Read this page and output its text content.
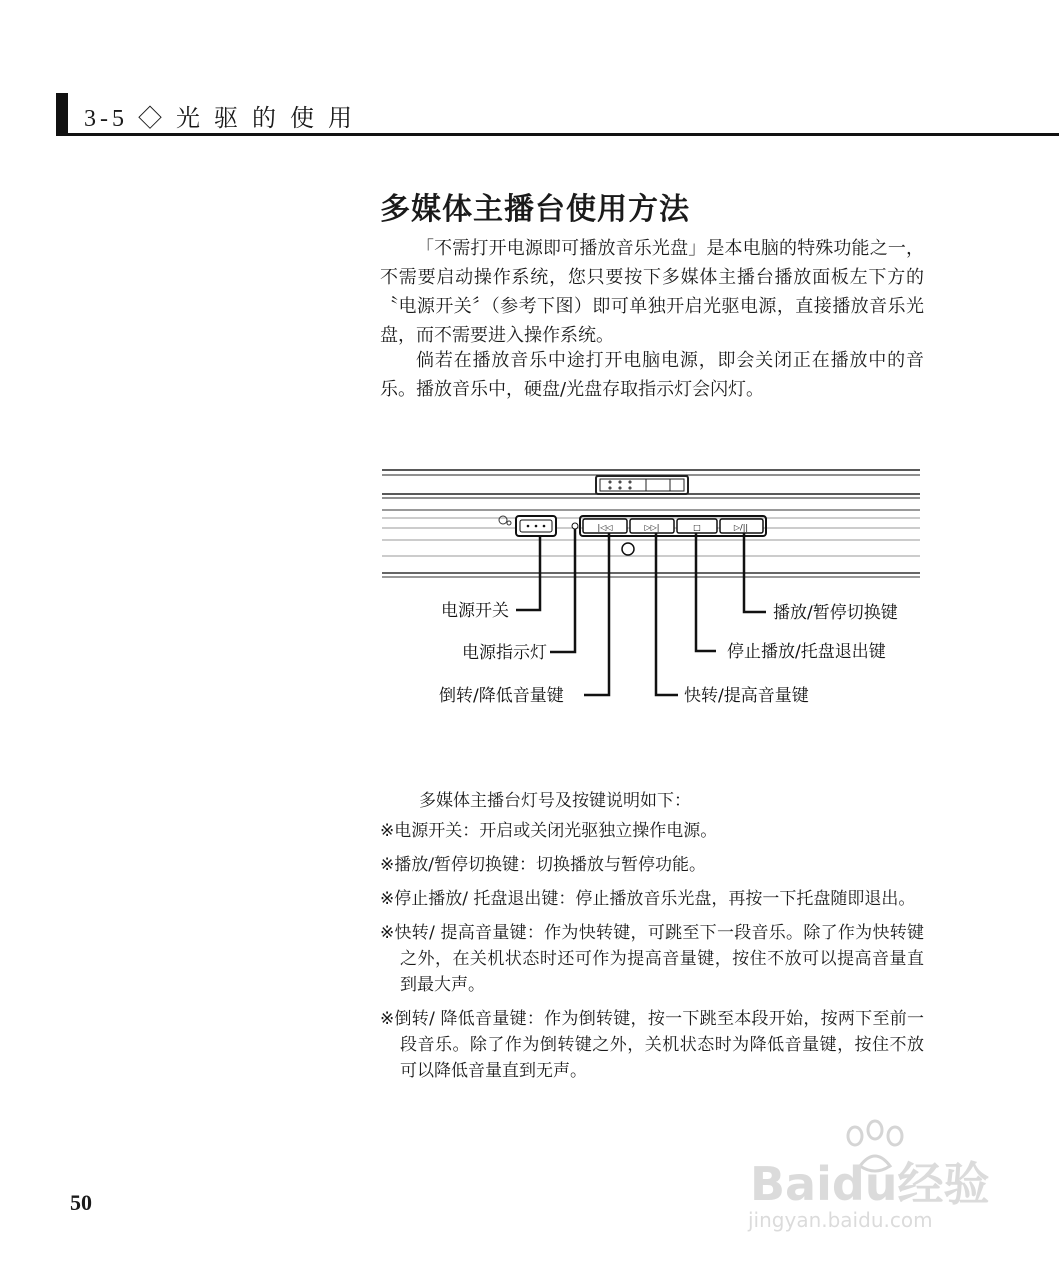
3-5 ◇ 光 驱 的 使 用
多媒体主播台使用方法

「不需打开电源即可播放音乐光盘」是本电脑的特殊功能之一，不需要启动操作系统，您只要按下多媒体主播台播放面板左下方的〝电源开关〞（参考下图）即可单独开启光驱电源，直接播放音乐光盘，而不需要进入操作系统。

倘若在播放音乐中途打开电脑电源，即会关闭正在播放中的音乐。播放音乐中，硬盘/光盘存取指示灯会闪灯。

|◁◁	▷▷|	□	▷/||
电源开关
电源指示灯
倒转/降低音量键
播放/暂停切换键
停止播放/托盘退出键
快转/提高音量键
多媒体主播台灯号及按键说明如下：
※电源开关：开启或关闭光驱独立操作电源。
※播放/暂停切换键：切换播放与暂停功能。
※停止播放/ 托盘退出键：停止播放音乐光盘，再按一下托盘随即退出。
※快转/ 提高音量键：作为快转键，可跳至下一段音乐。除了作为快转键之外，在关机状态时还可作为提高音量键，按住不放可以提高音量直到最大声。
※倒转/ 降低音量键：作为倒转键，按一下跳至本段开始，按两下至前一段音乐。除了作为倒转键之外，关机状态时为降低音量键，按住不放可以降低音量直到无声。
50	Baidu经验
jingyan.baidu.com
